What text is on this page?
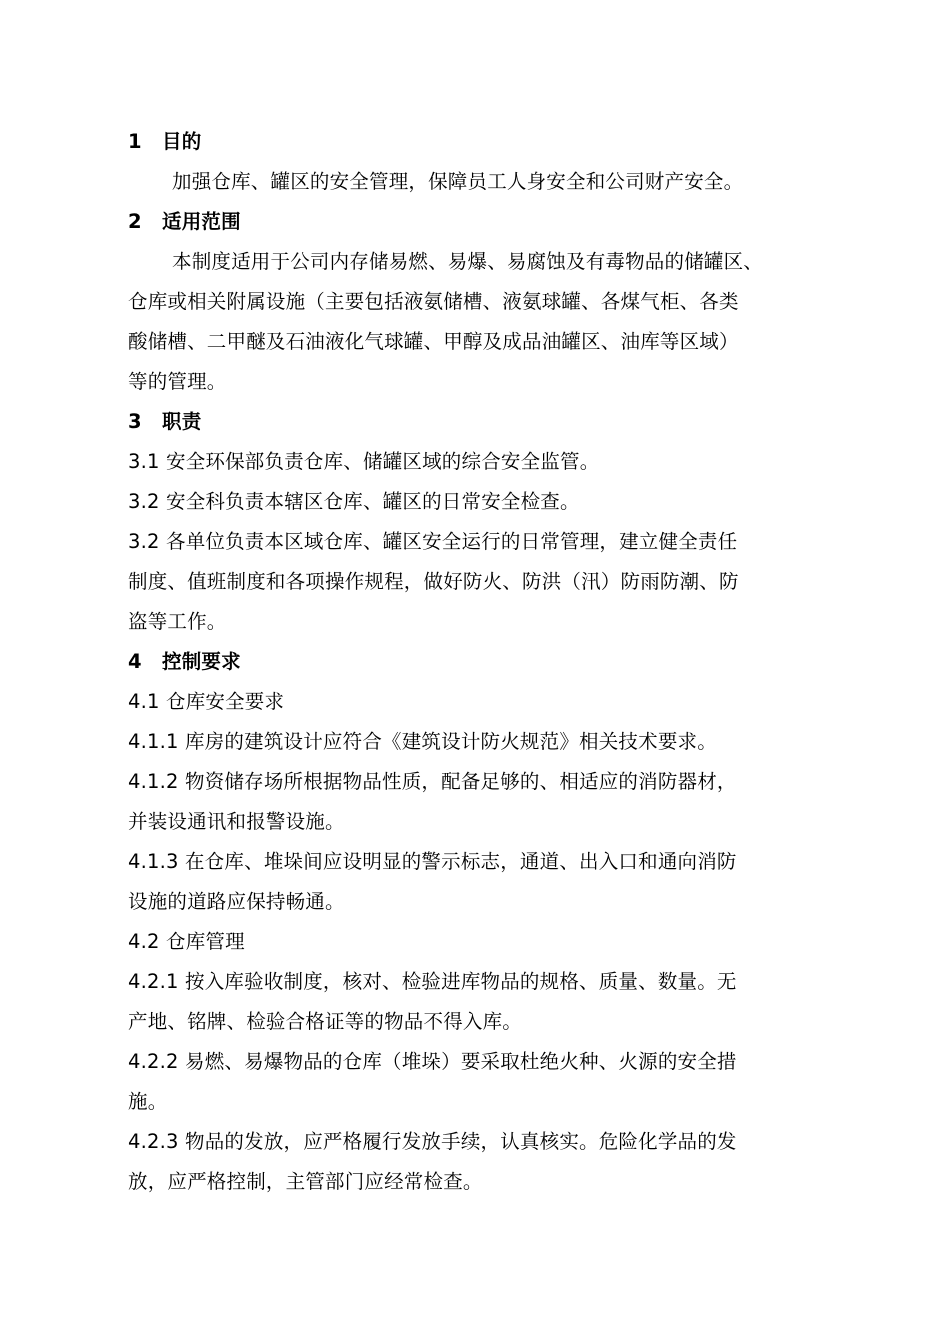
1 目的
加强仓库、罐区的安全管理，保障员工人身安全和公司财产安全。
2 适用范围
本制度适用于公司内存储易燃、易爆、易腐蚀及有毒物品的储罐区、
仓库或相关附属设施（主要包括液氨储槽、液氨球罐、各煤气柜、各类
酸储槽、二甲醚及石油液化气球罐、甲醇及成品油罐区、油库等区域）
等的管理。
3 职责
3.1 安全环保部负责仓库、储罐区域的综合安全监管。
3.2 安全科负责本辖区仓库、罐区的日常安全检查。
3.2 各单位负责本区域仓库、罐区安全运行的日常管理，建立健全责任
制度、值班制度和各项操作规程，做好防火、防洪（汛）防雨防潮、防
盗等工作。
4 控制要求
4.1 仓库安全要求
4.1.1 库房的建筑设计应符合《建筑设计防火规范》相关技术要求。
4.1.2 物资储存场所根据物品性质，配备足够的、相适应的消防器材，
并装设通讯和报警设施。
4.1.3 在仓库、堆垛间应设明显的警示标志，通道、出入口和通向消防
设施的道路应保持畅通。
4.2 仓库管理
4.2.1 按入库验收制度，核对、检验进库物品的规格、质量、数量。无
产地、铭牌、检验合格证等的物品不得入库。
4.2.2 易燃、易爆物品的仓库（堆垛）要采取杜绝火种、火源的安全措
施。
4.2.3 物品的发放，应严格履行发放手续，认真核实。危险化学品的发
放，应严格控制，主管部门应经常检查。
